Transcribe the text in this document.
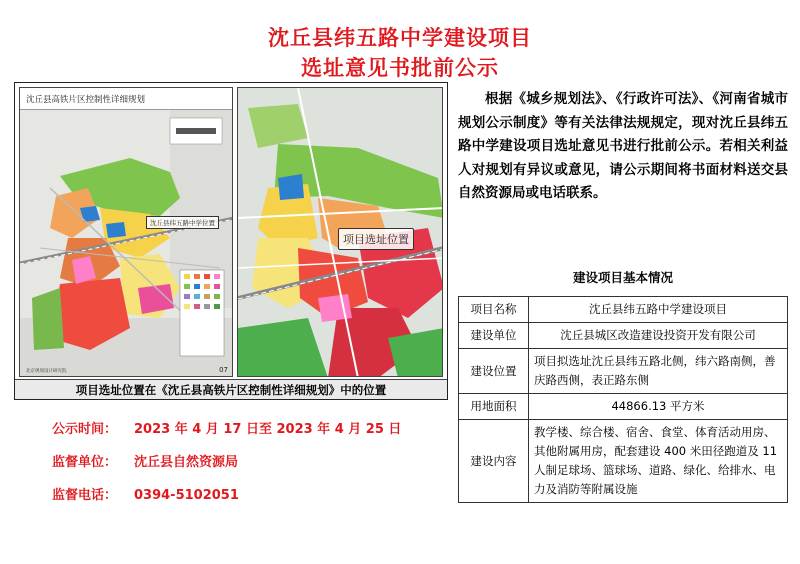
沈丘县纬五路中学建设项目
选址意见书批前公示
沈丘县高铁片区控制性详细规划
沈丘县纬五路中学位置
北京规划设计研究院	07
项目选址位置
项目选址位置在《沈丘县高铁片区控制性详细规划》中的位置
根据《城乡规划法》、《行政许可法》、《河南省城市规划公示制度》等有关法律法规规定，现对沈丘县纬五路中学建设项目选址意见书进行批前公示。若相关利益人对规划有异议或意见，请公示期间将书面材料送交县自然资源局或电话联系。
建设项目基本情况
项目名称	沈丘县纬五路中学建设项目
建设单位	沈丘县城区改造建设投资开发有限公司
建设位置	项目拟选址沈丘县纬五路北侧，纬六路南侧，善庆路西侧，表正路东侧
用地面积	44866.13 平方米
建设内容	教学楼、综合楼、宿舍、食堂、体育活动用房、其他附属用房，配套建设 400 米田径跑道及 11 人制足球场、篮球场、道路、绿化、给排水、电力及消防等附属设施
公示时间： 2023 年 4 月 17 日至 2023 年 4 月 25 日
监督单位： 沈丘县自然资源局
监督电话： 0394-5102051
